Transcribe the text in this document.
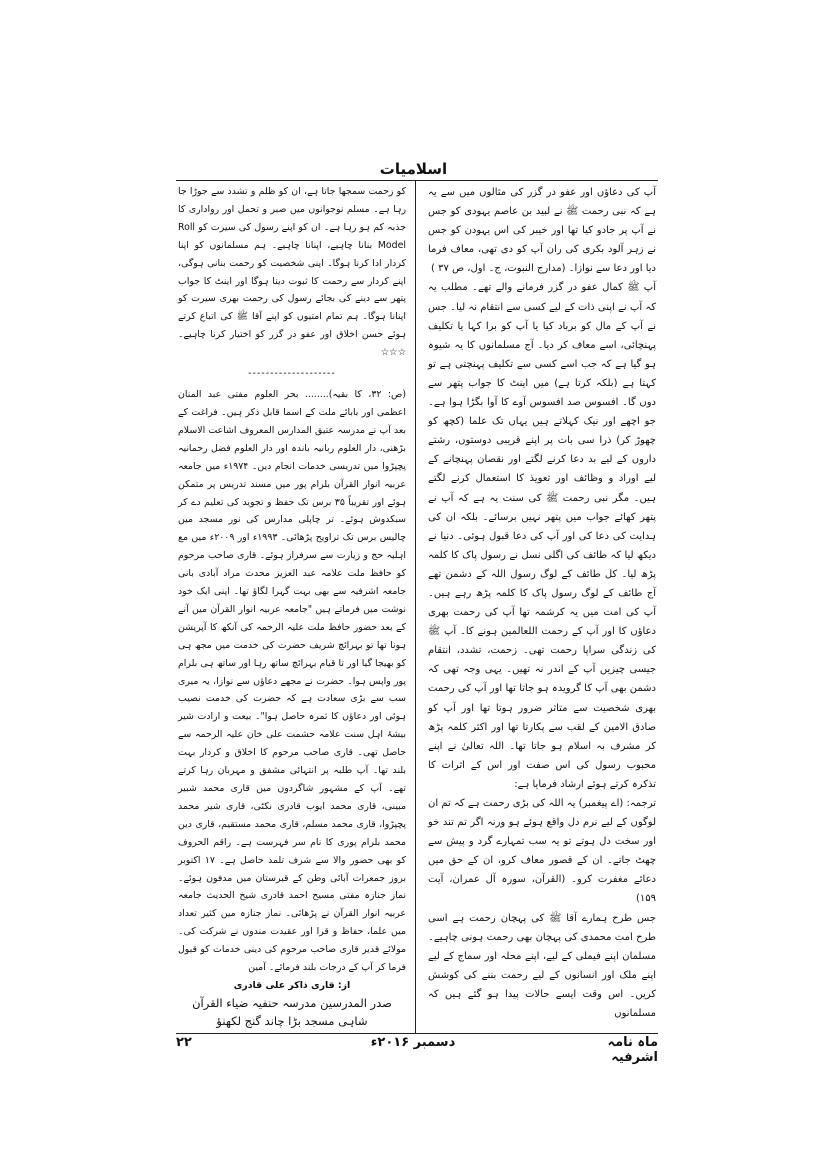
اسلامیات

آپ کی دعاؤں اور عفو در گزر کی مثالوں میں سے یہ ہے کہ نبی رحمت ﷺ نے لبید بن عاصم یہودی کو جس نے آپ پر جادو کیا تھا اور خیبر کی اس یہودن کو جس نے زہر آلود بکری کی ران آپ کو دی تھی، معاف فرما دیا اور دعا سے نوازا۔ (مدارج النبوت، ج۔ اول، ص ۳۷ )

آپ ﷺ کمال عفو در گزر فرمانے والے تھے۔ مطلب یہ کہ آپ نے اپنی ذات کے لیے کسی سے انتقام نہ لیا۔ جس نے آپ کے مال کو برباد کیا یا آپ کو برا کہا یا تکلیف پہنچائی، اسے معاف کر دیا۔ آج مسلمانوں کا یہ شیوہ ہو گیا ہے کہ جب اسے کسی سے تکلیف پہنچتی ہے تو کہتا ہے (بلکہ کرتا ہے) میں اینٹ کا جواب پتھر سے دوں گا۔ افسوس صد افسوس آوے کا آوا بگڑا ہوا ہے۔ جو اچھے اور نیک کہلاتے ہیں یہاں تک علما (کچھ کو چھوڑ کر) ذرا سی بات پر اپنے قریبی دوستوں، رشتے داروں کے لیے بد دعا کرنے لگتے اور نقصان پہنچانے کے لیے اوراد و وظائف اور تعویذ کا استعمال کرنے لگتے ہیں۔ مگر نبی رحمت ﷺ کی سنت یہ ہے کہ آپ نے پتھر کھائے جواب میں پتھر نہیں برسائے۔ بلکہ ان کی ہدایت کی دعا کی اور آپ کی دعا قبول ہوئی۔ دنیا نے دیکھ لیا کہ طائف کی اگلی نسل نے رسول پاک کا کلمہ پڑھ لیا۔ کل طائف کے لوگ رسول اللہ کے دشمن تھے آج طائف کے لوگ رسول پاک کا کلمہ پڑھ رہے ہیں۔ آپ کی امت میں یہ کرشمہ تھا آپ کی رحمت بھری دعاؤں کا اور آپ کے رحمت اللعالمین ہونے کا۔ آپ ﷺ کی زندگی سراپا رحمت تھی۔ زحمت، تشدد، انتقام جیسی چیزیں آپ کے اندر نہ تھیں۔ یہی وجہ تھی کہ دشمن بھی آپ کا گرویدہ ہو جاتا تھا اور آپ کی رحمت بھری شخصیت سے متاثر ضرور ہوتا تھا اور آپ کو صادق الامین کے لقب سے پکارتا تھا اور اکثر کلمہ پڑھ کر مشرف بہ اسلام ہو جاتا تھا۔ اللہ تعالیٰ نے اپنے محبوب رسول کی اس صفت اور اس کے اثرات کا تذکرہ کرتے ہوئے ارشاد فرمایا ہے:

ترجمہ: (اے پیغمبر) یہ اللہ کی بڑی رحمت ہے کہ تم ان لوگوں کے لیے نرم دل واقع ہوئے ہو ورنہ اگر تم تند خو اور سخت دل ہوتے تو یہ سب تمہارے گرد و پیش سے چھٹ جاتے۔ ان کے قصور معاف کرو، ان کے حق میں دعائے مغفرت کرو۔ (القرآن، سورہ آل عمران، آیت ۱۵۹)

جس طرح ہمارے آقا ﷺ کی پہچان رحمت ہے اسی طرح امت محمدی کی پہچان بھی رحمت ہونی چاہیے۔ مسلمان اپنے فیملی کے لیے، اپنے محلہ اور سماج کے لیے اپنے ملک اور انسانوں کے لیے رحمت بننے کی کوشش کریں۔ اس وقت ایسے حالات پیدا ہو گئے ہیں کہ مسلمانوں

کو زحمت سمجھا جاتا ہے، ان کو ظلم و تشدد سے جوڑا جا رہا ہے۔ مسلم نوجوانوں میں صبر و تحمل اور رواداری کا جذبہ کم ہو رہا ہے۔ ان کو اپنے رسول کی سیرت کو Roll Model بنانا چاہیے، اپنانا چاہیے۔ ہم مسلمانوں کو اپنا کردار ادا کرنا ہوگا۔ اپنی شخصیت کو رحمت بنانی ہوگی، اپنے کردار سے رحمت کا ثبوت دینا ہوگا اور اینٹ کا جواب پتھر سے دینے کی بجائے رسول کی رحمت بھری سیرت کو اپنانا ہوگا۔ ہم تمام امتیوں کو اپنے آقا ﷺ کی اتباع کرتے ہوئے حسن اخلاق اور عفو در گزر کو اختیار کرنا چاہیے۔ ☆☆☆

--------------------

(ص: ۳۲، کا بقیہ)........ بحر العلوم مفتی عبد المنان اعظمی اور بابائے ملت کے اسما قابل ذکر ہیں۔ فراغت کے بعد آپ نے مدرسہ عتیق المدارس المعروف اشاعت الاسلام بڑھنی، دار العلوم ربانیہ باندہ اور دار العلوم فضل رحمانیہ پچپڑوا میں تدریسی خدمات انجام دیں۔ ۱۹۷۴ء میں جامعہ عربیہ انوار القرآن بلرام پور میں مسند تدریس پر متمکن ہوئے اور تقریباً ۳۵ برس تک حفظ و تجوید کی تعلیم دے کر سبکدوش ہوئے۔ تر چاپلی مدارس کی نور مسجد میں چالیس برس تک تراویح پڑھائی۔ ۱۹۹۳ء اور ۲۰۰۹ء میں مع اہلیہ حج و زیارت سے سرفراز ہوئے۔ قاری صاحب مرحوم کو حافظ ملت علامہ عبد العزیز محدث مراد آبادی بانی جامعہ اشرفیہ سے بھی بہت گہرا لگاؤ تھا۔ اپنی ایک خود نوشت میں فرماتے ہیں "جامعہ عربیہ انوار القرآن میں آنے کے بعد حضور حافظ ملت علیہ الرحمہ کی آنکھ کا آپریشن ہونا تھا تو بہرائچ شریف حضرت کی خدمت میں مجھ ہی کو بھیجا گیا اور تا قیام بہرائچ ساتھ رہا اور ساتھ ہی بلرام پور واپس ہوا۔ حضرت نے مجھے دعاؤں سے نوازا، یہ میری سب سے بڑی سعادت ہے کہ حضرت کی خدمت نصیب ہوئی اور دعاؤں کا ثمرہ حاصل ہوا"۔ بیعت و ارادت شیر بیشۂ اہل سنت علامہ حشمت علی خان علیہ الرحمہ سے حاصل تھی۔ قاری صاحب مرحوم کا اخلاق و کردار بہت بلند تھا۔ آپ طلبہ پر انتہائی مشفق و مہربان رہا کرتے تھے۔ آپ کے مشہور شاگردوں میں قاری محمد شبیر مبینی، قاری محمد ایوب قادری نکٹی، قاری شیر محمد پچپڑوا، قاری محمد مسلم، قاری محمد مستقیم، قاری دین محمد بلرام پوری کا نام سر فہرست ہے۔ راقم الحروف کو بھی حضور والا سے شرف تلمذ حاصل ہے۔ ۱۷ اکتوبر بروز جمعرات آبائی وطن کے قبرستان میں مدفون ہوئے۔ نماز جنازہ مفتی مسیح احمد قادری شیخ الحدیث جامعہ عربیہ انوار القرآن نے پڑھائی۔ نماز جنازہ میں کثیر تعداد میں علما، حفاظ و قرا اور عقیدت مندوں نے شرکت کی۔ مولائے قدیر قاری صاحب مرحوم کی دینی خدمات کو قبول فرما کر آپ کے درجات بلند فرمائے۔ آمین

از: قاری ذاکر علی قادری

صدر المدرسین مدرسہ حنفیہ ضیاء القرآن شاہی مسجد بڑا چاند گنج لکھنؤ

ماہ نامہ اشرفیہ
دسمبر ۲۰۱۶ء
۲۲
